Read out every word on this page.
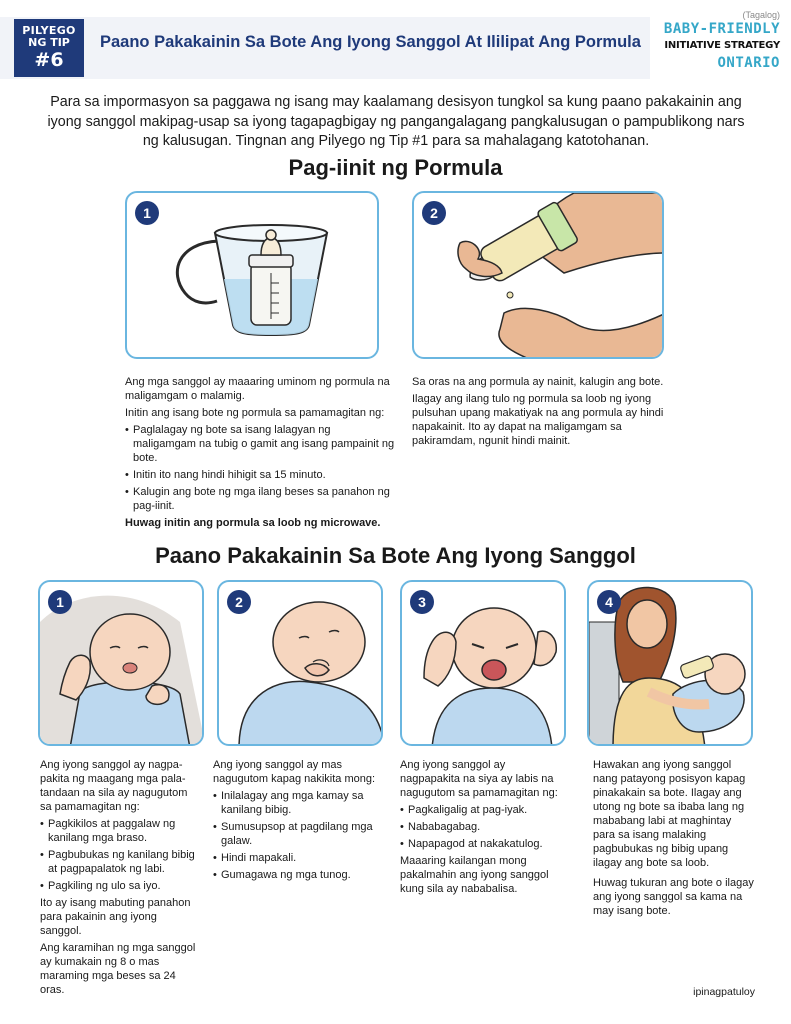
PILYEGO
NG TIP
#6
Paano Pakakainin Sa Bote Ang Iyong Sanggol At Ililipat Ang Pormula
(Tagalog)
BABY-FRIENDLY
INITIATIVE STRATEGY
ONTARIO
Para sa impormasyon sa paggawa ng isang may kaalamang desisyon tungkol sa kung paano pakakainin ang iyong sanggol makipag-usap sa iyong tagapagbigay ng pangangalagang pangkalusugan o pampublikong nars ng kalusugan. Tingnan ang Pilyego ng Tip #1 para sa mahalagang katotohanan.
Pag-iinit ng Pormula
1	2

Ang mga sanggol ay maaaring uminom ng pormula na maligamgam o malamig.

Initin ang isang bote ng pormula sa pamamagitan ng:

• Paglalagay ng bote sa isang lalagyan ng maligamgam na tubig o gamit ang isang pampainit ng bote.
• Initin ito nang hindi hihigit sa 15 minuto.
• Kalugin ang bote ng mga ilang beses sa panahon ng pag-iinit.

Huwag initin ang pormula sa loob ng microwave.

Sa oras na ang pormula ay nainit, kalugin ang bote.

Ilagay ang ilang tulo ng pormula sa loob ng iyong pulsuhan upang makatiyak na ang pormula ay hindi napakainit. Ito ay dapat na maligamgam sa pakiramdam, ngunit hindi mainit.

Paano Pakakainin Sa Bote Ang Iyong Sanggol
1	2	3	4

Ang iyong sanggol ay nagpa-pakita ng maagang mga pala-tandaan na sila ay nagugutom sa pamamagitan ng:

• Pagkikilos at paggalaw ng kanilang mga braso.
• Pagbubukas ng kanilang bibig at pagpapalatok ng labi.
• Pagkiling ng ulo sa iyo.

Ito ay isang mabuting panahon para pakainin ang iyong sanggol.

Ang karamihan ng mga sanggol ay kumakain ng 8 o mas maraming mga beses sa 24 oras.

Ang iyong sanggol ay mas nagugutom kapag nakikita mong:

• Inilalagay ang mga kamay sa kanilang bibig.
• Sumusupsop at pagdilang mga galaw.
• Hindi mapakali.
• Gumagawa ng mga tunog.

Ang iyong sanggol ay nagpapakita na siya ay labis na nagugutom sa pamamagitan ng:

• Pagkaligalig at pag-iyak.
• Nababagabag.
• Napapagod at nakakatulog.

Maaaring kailangan mong pakalmahin ang iyong sanggol kung sila ay nababalisa.

Hawakan ang iyong sanggol nang patayong posisyon kapag pinakakain sa bote. Ilagay ang utong ng bote sa ibaba lang ng mababang labi at maghintay para sa isang malaking pagbubukas ng bibig upang ilagay ang bote sa loob.

Huwag tukuran ang bote o ilagay ang iyong sanggol sa kama na may isang bote.

ipinagpatuloy
